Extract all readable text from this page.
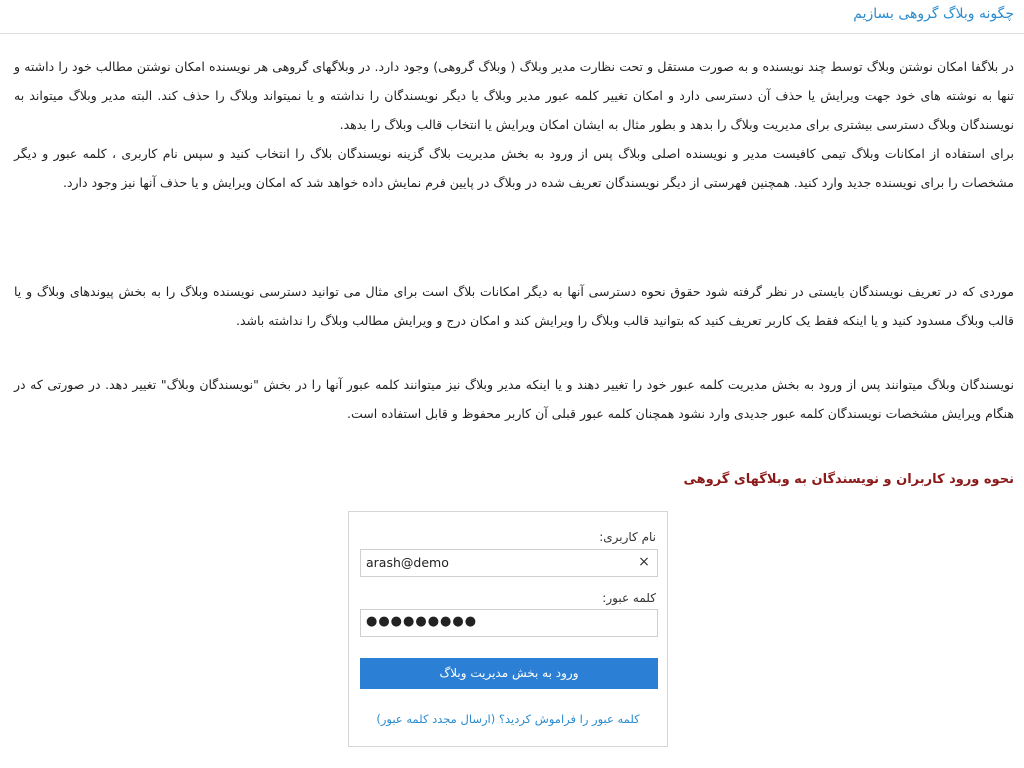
چگونه وبلاگ گروهی بسازیم

در بلاگفا امکان نوشتن وبلاگ توسط چند نویسنده و به صورت مستقل و تحت نظارت مدیر وبلاگ ( وبلاگ گروهی) وجود دارد. در وبلاگهای گروهی هر نویسنده امکان نوشتن مطالب خود را داشته و تنها به نوشته های خود جهت ویرایش یا حذف آن دسترسی دارد و امکان تغییر کلمه عبور مدیر وبلاگ یا دیگر نویسندگان را نداشته و یا نمیتواند وبلاگ را حذف کند. البته مدیر وبلاگ میتواند به نویسندگان وبلاگ دسترسی بیشتری برای مدیریت وبلاگ را بدهد و بطور مثال به ایشان امکان ویرایش یا انتخاب قالب وبلاگ را بدهد.

برای استفاده از امکانات وبلاگ تیمی کافیست مدیر و نویسنده اصلی وبلاگ پس از ورود به بخش مدیریت بلاگ گزینه نویسندگان بلاگ را انتخاب کنید و سپس نام کاربری ، کلمه عبور و دیگر مشخصات را برای نویسنده جدید وارد کنید. همچنین فهرستی از دیگر نویسندگان تعریف شده در وبلاگ در پایین فرم نمایش داده خواهد شد که امکان ویرایش و یا حذف آنها نیز وجود دارد.

موردی که در تعریف نویسندگان بایستی در نظر گرفته شود حقوق نحوه دسترسی آنها به دیگر امکانات بلاگ است برای مثال می توانید دسترسی نویسنده وبلاگ را به بخش پیوندهای وبلاگ و یا قالب وبلاگ مسدود کنید و یا اینکه فقط یک کاربر تعریف کنید که بتوانید قالب وبلاگ را ویرایش کند و امکان درج و ویرایش مطالب وبلاگ را نداشته باشد.

نویسندگان وبلاگ میتوانند پس از ورود به بخش مدیریت کلمه عبور خود را تغییر دهند و یا اینکه مدیر وبلاگ نیز میتوانند کلمه عبور آنها را در بخش "نویسندگان وبلاگ" تغییر دهد. در صورتی که در هنگام ویرایش مشخصات نویسندگان کلمه عبور جدیدی وارد نشود همچنان کلمه عبور قبلی آن کاربر محفوظ و قابل استفاده است.

نحوه ورود کاربران و نویسندگان به وبلاگهای گروهی
نام کاربری:
arash@demo	×
کلمه عبور:
●●●●●●●●●
ورود به بخش مدیریت وبلاگ
کلمه عبور را فراموش کردید؟ (ارسال مجدد کلمه عبور)
